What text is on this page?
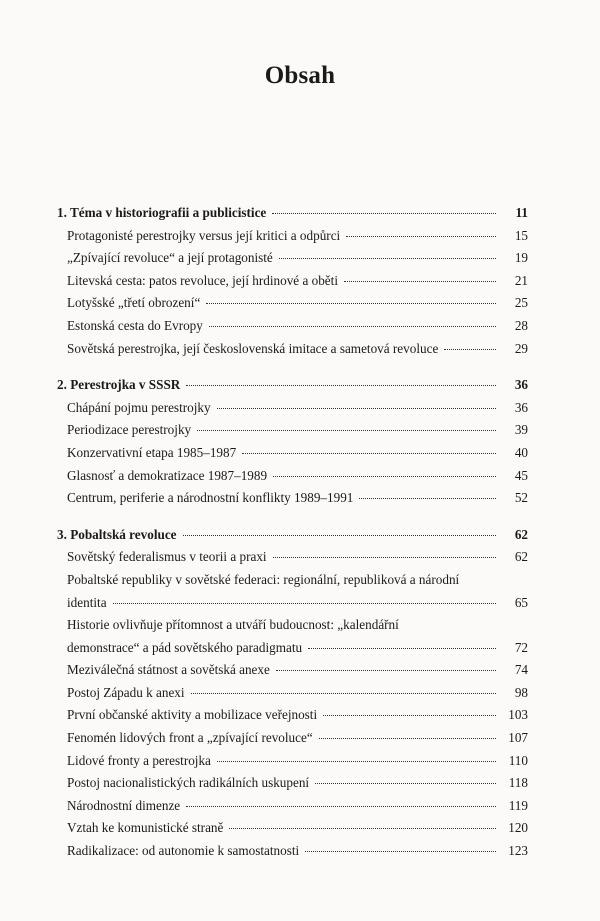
Obsah
1. Téma v historiografii a publicistice	11
Protagonisté perestrojky versus její kritici a odpůrci	15
„Zpívající revoluce“ a její protagonisté	19
Litevská cesta: patos revoluce, její hrdinové a oběti	21
Lotyšské „třetí obrození“	25
Estonská cesta do Evropy	28
Sovětská perestrojka, její československá imitace a sametová revoluce	29
2. Perestrojka v SSSR	36
Chápání pojmu perestrojky	36
Periodizace perestrojky	39
Konzervativní etapa 1985–1987	40
Glasnosť a demokratizace 1987–1989	45
Centrum, periferie a národnostní konflikty 1989–1991	52
3. Pobaltská revoluce	62
Sovětský federalismus v teorii a praxi	62
Pobaltské republiky v sovětské federaci: regionální, republiková a národní
identita	65
Historie ovlivňuje přítomnost a utváří budoucnost: „kalendářní
demonstrace“ a pád sovětského paradigmatu	72
Meziválečná státnost a sovětská anexe	74
Postoj Západu k anexi	98
První občanské aktivity a mobilizace veřejnosti	103
Fenomén lidových front a „zpívající revoluce“	107
Lidové fronty a perestrojka	110
Postoj nacionalistických radikálních uskupení	118
Národnostní dimenze	119
Vztah ke komunistické straně	120
Radikalizace: od autonomie k samostatnosti	123
